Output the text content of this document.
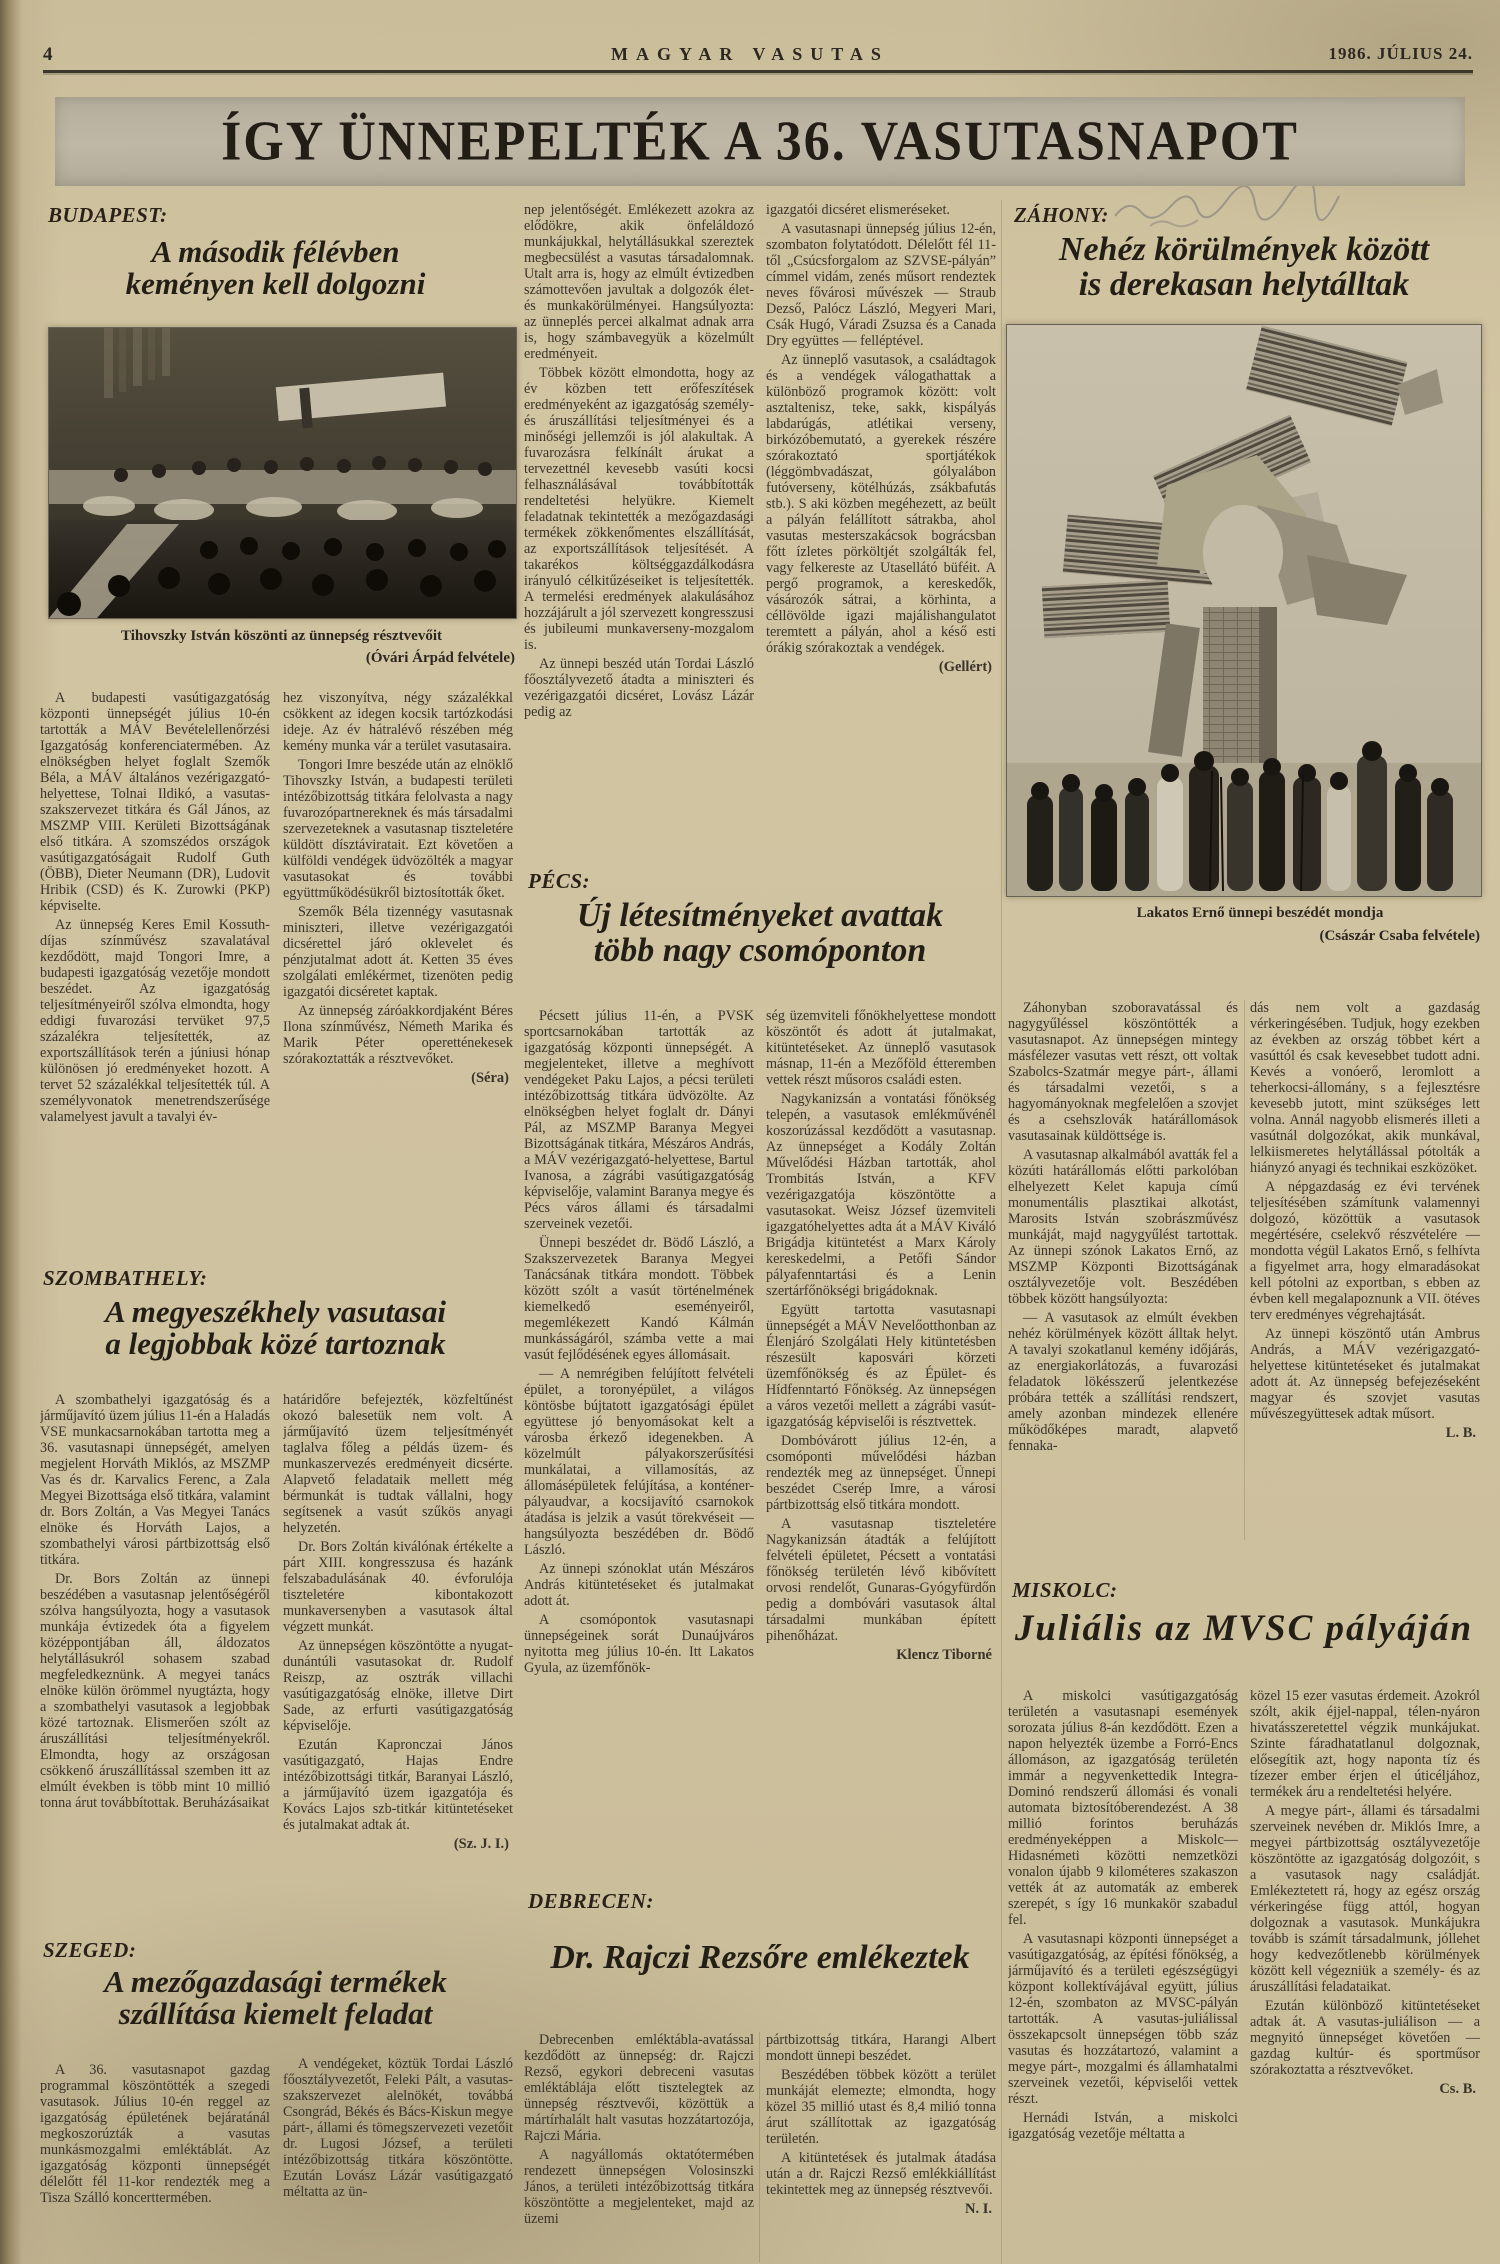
4	MAGYAR VASUTAS	1986. JÚLIUS 24.
ÍGY ÜNNEPELTÉK A 36. VASUTASNAPOT
BUDAPEST:
A második félévben
keményen kell dolgozni
Tihovszky István köszönti az ünnepség résztvevőit
(Óvári Árpád felvétele)

A budapesti vasútigazgatóság központi ünnepségét július 10-én tartották a MÁV Bevételellenőrzési Igazgatóság konferenciatermében. Az elnökségben helyet foglalt Szemők Béla, a MÁV általános vezérigazgató-helyettese, Tolnai Ildikó, a vasutas-szakszervezet titkára és Gál János, az MSZMP VIII. Kerületi Bizottságának első titkára. A szomszédos országok vasútigazgatóságait Rudolf Guth (ÖBB), Dieter Neumann (DR), Ludovit Hribik (CSD) és K. Zurowki (PKP) képviselte.

Az ünnepség Keres Emil Kossuth-díjas színművész szavalatával kezdődött, majd Tongori Imre, a budapesti igazgatóság vezetője mondott beszédet. Az igazgatóság teljesítményeiről szólva elmondta, hogy eddigi fuvarozási tervüket 97,5 százalékra teljesítették, az exportszállítások terén a júniusi hónap különösen jó eredményeket hozott. A tervet 52 százalékkal teljesítették túl. A személyvonatok menetrendszerűsége valamelyest javult a tavalyi év-

hez viszonyítva, négy százalékkal csökkent az idegen kocsik tartózkodási ideje. Az év hátralévő részében még kemény munka vár a terület vasutasaira.

Tongori Imre beszéde után az elnöklő Tihovszky István, a budapesti területi intézőbizottság titkára felolvasta a nagy fuvarozópartnereknek és más társadalmi szervezeteknek a vasutasnap tiszteletére küldött dísztáviratait. Ezt követően a külföldi vendégek üdvözölték a magyar vasutasokat és további együttműködésükről biztosították őket.

Szemők Béla tizennégy vasutasnak miniszteri, illetve vezérigazgatói dicsérettel járó oklevelet és pénzjutalmat adott át. Ketten 35 éves szolgálati emlékérmet, tizenöten pedig igazgatói dicséretet kaptak.

Az ünnepség záróakkordjaként Béres Ilona színművész, Németh Marika és Marik Péter operetténekesek szórakoztatták a résztvevőket.

(Séra)
SZOMBATHELY:
A megyeszékhely vasutasai
a legjobbak közé tartoznak

A szombathelyi igazgatóság és a járműjavító üzem július 11-én a Haladás VSE munkacsarnokában tartotta meg a 36. vasutasnapi ünnepségét, amelyen megjelent Horváth Miklós, az MSZMP Vas és dr. Karvalics Ferenc, a Zala Megyei Bizottsága első titkára, valamint dr. Bors Zoltán, a Vas Megyei Tanács elnöke és Horváth Lajos, a szombathelyi városi pártbizottság első titkára.

Dr. Bors Zoltán az ünnepi beszédében a vasutasnap jelentőségéről szólva hangsúlyozta, hogy a vasutasok munkája évtizedek óta a figyelem középpontjában áll, áldozatos helytállásukról sohasem szabad megfeledkeznünk. A megyei tanács elnöke külön örömmel nyugtázta, hogy a szombathelyi vasutasok a legjobbak közé tartoznak. Elismerően szólt az áruszállítási teljesítményekről. Elmondta, hogy az országosan csökkenő áruszállítással szemben itt az elmúlt években is több mint 10 millió tonna árut továbbítottak. Beruházásaikat

határidőre befejezték, közfeltűnést okozó balesetük nem volt. A járműjavító üzem teljesítményét taglalva főleg a példás üzem- és munkaszervezés eredményeit dicsérte. Alapvető feladataik mellett még bérmunkát is tudtak vállalni, hogy segítsenek a vasút szűkös anyagi helyzetén.

Dr. Bors Zoltán kiválónak értékelte a párt XIII. kongresszusa és hazánk felszabadulásának 40. évforulója tiszteletére kibontakozott munkaversenyben a vasutasok által végzett munkát.

Az ünnepségen köszöntötte a nyugat-dunántúli vasutasokat dr. Rudolf Reiszp, az osztrák villachi vasútigazgatóság elnöke, illetve Dirt Sade, az erfurti vasútigazgatóság képviselője.

Ezután Kapronczai János vasútigazgató, Hajas Endre intézőbizottsági titkár, Baranyai László, a járműjavító üzem igazgatója és Kovács Lajos szb-titkár kitüntetéseket és jutalmakat adtak át.

(Sz. J. I.)
SZEGED:
A mezőgazdasági termékek
szállítása kiemelt feladat

A 36. vasutasnapot gazdag programmal köszöntötték a szegedi vasutasok. Július 10-én reggel az igazgatóság épületének bejáratánál megkoszorúzták a vasutas munkásmozgalmi emléktáblát. Az igazgatóság központi ünnepségét délelőtt fél 11-kor rendezték meg a Tisza Szálló koncerttermében.

A vendégeket, köztük Tordai László főosztályvezetőt, Feleki Pált, a vasutas-szakszervezet alelnökét, továbbá Csongrád, Békés és Bács-Kiskun megye párt-, állami és tömegszervezeti vezetőit dr. Lugosi József, a területi intézőbizottság titkára köszöntötte. Ezután Lovász Lázár vasútigazgató méltatta az ün-

nep jelentőségét. Emlékezett azokra az elődökre, akik önfeláldozó munkájukkal, helytállásukkal szereztek megbecsülést a vasutas társadalomnak. Utalt arra is, hogy az elmúlt évtizedben számottevően javultak a dolgozók élet- és munkakörülményei. Hangsúlyozta: az ünneplés percei alkalmat adnak arra is, hogy számbavegyük a közelmúlt eredményeit.

Többek között elmondotta, hogy az év közben tett erőfeszítések eredményeként az igazgatóság személy- és áruszállítási teljesítményei és a minőségi jellemzői is jól alakultak. A fuvarozásra felkínált árukat a tervezettnél kevesebb vasúti kocsi felhasználásával továbbították rendeltetési helyükre. Kiemelt feladatnak tekintették a mezőgazdasági termékek zökkenőmentes elszállítását, az exportszállítások teljesítését. A takarékos költséggazdálkodásra irányuló célkitűzéseiket is teljesítették. A termelési eredmények alakulásához hozzájárult a jól szervezett kongresszusi és jubileumi munkaverseny-mozgalom is.

Az ünnepi beszéd után Tordai László főosztályvezető átadta a miniszteri és vezérigazgatói dicséret, Lovász Lázár pedig az

igazgatói dicséret elismeréseket.

A vasutasnapi ünnepség július 12-én, szombaton folytatódott. Délelőtt fél 11-től „Csúcsforgalom az SZVSE-pályán” címmel vidám, zenés műsort rendeztek neves fővárosi művészek — Straub Dezső, Palócz László, Megyeri Mari, Csák Hugó, Váradi Zsuzsa és a Canada Dry együttes — felléptével.

Az ünneplő vasutasok, a családtagok és a vendégek válogathattak a különböző programok között: volt asztaltenisz, teke, sakk, kispályás labdarúgás, atlétikai verseny, birkózóbemutató, a gyerekek részére szórakoztató sportjátékok (léggömbvadászat, gólyalábon futóverseny, kötélhúzás, zsákbafutás stb.). S aki közben megéhezett, az beült a pályán felállított sátrakba, ahol vasutas mesterszakácsok bográcsban főtt ízletes pörköltjét szolgálták fel, vagy felkereste az Utasellátó büféit. A pergő programok, a kereskedők, vásározók sátrai, a körhinta, a céllövölde igazi majálishangulatot teremtett a pályán, ahol a késő esti órákig szórakoztak a vendégek.

(Gellért)
PÉCS:
Új létesítményeket avattak
több nagy csomóponton

Pécsett július 11-én, a PVSK sportcsarnokában tartották az igazgatóság központi ünnepségét. A megjelenteket, illetve a meghívott vendégeket Paku Lajos, a pécsi területi intézőbizottság titkára üdvözölte. Az elnökségben helyet foglalt dr. Dányi Pál, az MSZMP Baranya Megyei Bizottságának titkára, Mészáros András, a MÁV vezérigazgató-helyettese, Bartul Ivanosa, a zágrábi vasútigazgatóság képviselője, valamint Baranya megye és Pécs város állami és társadalmi szerveinek vezetői.

Ünnepi beszédet dr. Bödő László, a Szakszervezetek Baranya Megyei Tanácsának titkára mondott. Többek között szólt a vasút történelmének kiemelkedő eseményeiről, megemlékezett Kandó Kálmán munkásságáról, számba vette a mai vasút fejlődésének egyes állomásait.

— A nemrégiben felújított felvételi épület, a toronyépület, a világos köntösbe bújtatott igazgatósági épület együttese jó benyomásokat kelt a városba érkező idegenekben. A közelmúlt pályakorszerűsítési munkálatai, a villamosítás, az állomásépületek felújítása, a konténer-pályaudvar, a kocsijavító csarnokok átadása is jelzik a vasút törekvéseit — hangsúlyozta beszédében dr. Bödő László.

Az ünnepi szónoklat után Mészáros András kitüntetéseket és jutalmakat adott át.

A csomópontok vasutasnapi ünnepségeinek sorát Dunaújváros nyitotta meg július 10-én. Itt Lakatos Gyula, az üzemfőnök-

ség üzemviteli főnökhelyettese mondott köszöntőt és adott át jutalmakat, kitüntetéseket. Az ünneplő vasutasok másnap, 11-én a Mezőföld étteremben vettek részt műsoros családi esten.

Nagykanizsán a vontatási főnökség telepén, a vasutasok emlékművénél koszorúzással kezdődött a vasutasnap. Az ünnepséget a Kodály Zoltán Művelődési Házban tartották, ahol Trombitás István, a KFV vezérigazgatója köszöntötte a vasutasokat. Weisz József üzemviteli igazgatóhelyettes adta át a MÁV Kiváló Brigádja kitüntetést a Marx Károly kereskedelmi, a Petőfi Sándor pályafenntartási és a Lenin szertárfőnökségi brigádoknak.

Együtt tartotta vasutasnapi ünnepségét a MÁV Nevelőotthonban az Élenjáró Szolgálati Hely kitüntetésben részesült kaposvári körzeti üzemfőnökség és az Épület- és Hídfenntartó Főnökség. Az ünnepségen a város vezetői mellett a zágrábi vasút-igazgatóság képviselői is résztvettek.

Dombóvárott július 12-én, a csomóponti művelődési házban rendezték meg az ünnepséget. Ünnepi beszédet Cserép Imre, a városi pártbizottság első titkára mondott.

A vasutasnap tiszteletére Nagykanizsán átadták a felújított felvételi épületet, Pécsett a vontatási főnökség területén lévő kibővített orvosi rendelőt, Gunaras-Gyógyfürdőn pedig a dombóvári vasutasok által társadalmi munkában épített pihenőházat.

Klencz Tiborné
DEBRECEN:
Dr. Rajczi Rezsőre emlékeztek

Debrecenben emléktábla-avatással kezdődött az ünnepség: dr. Rajczi Rezső, egykori debreceni vasutas emléktáblája előtt tisztelegtek az ünnepség résztvevői, közöttük a mártírhalált halt vasutas hozzátartozója, Rajczi Mária.

A nagyállomás oktatótermében rendezett ünnepségen Volosinszki János, a területi intézőbizottság titkára köszöntötte a megjelenteket, majd az üzemi

pártbizottság titkára, Harangi Albert mondott ünnepi beszédet.

Beszédében többek között a terület munkáját elemezte; elmondta, hogy közel 35 millió utast és 8,4 milió tonna árut szállítottak az igazgatóság területén.

A kitüntetések és jutalmak átadása után a dr. Rajczi Rezső emlékkiállítást tekintettek meg az ünnepség résztvevői.

N. I.
ZÁHONY:
Nehéz körülmények között
is derekasan helytálltak
Lakatos Ernő ünnepi beszédét mondja
(Császár Csaba felvétele)

Záhonyban szoboravatással és nagygyűléssel köszöntötték a vasutasnapot. Az ünnepségen mintegy másfélezer vasutas vett részt, ott voltak Szabolcs-Szatmár megye párt-, állami és társadalmi vezetői, s a hagyományoknak megfelelően a szovjet és a csehszlovák határállomások vasutasainak küldöttsége is.

A vasutasnap alkalmából avatták fel a közúti határállomás előtti parkolóban elhelyezett Kelet kapuja című monumentális plasztikai alkotást, Marosits István szobrászművész munkáját, majd nagygyűlést tartottak. Az ünnepi szónok Lakatos Ernő, az MSZMP Központi Bizottságának osztályvezetője volt. Beszédében többek között hangsúlyozta:

— A vasutasok az elmúlt években nehéz körülmények között álltak helyt. A tavalyi szokatlanul kemény időjárás, az energiakorlátozás, a fuvarozási feladatok lökésszerű jelentkezése próbára tették a szállítási rendszert, amely azonban mindezek ellenére működőképes maradt, alapvető fennaka-

dás nem volt a gazdaság vérkeringésében. Tudjuk, hogy ezekben az években az ország többet kért a vasúttól és csak kevesebbet tudott adni. Kevés a vonóerő, leromlott a teherkocsi-állomány, s a fejlesztésre kevesebb jutott, mint szükséges lett volna. Annál nagyobb elismerés illeti a vasútnál dolgozókat, akik munkával, lelkiismeretes helytállással pótolták a hiányzó anyagi és technikai eszközöket.

A népgazdaság ez évi tervének teljesítésében számítunk valamennyi dolgozó, közöttük a vasutasok megértésére, cselekvő részvételére — mondotta végül Lakatos Ernő, s felhívta a figyelmet arra, hogy elmaradásokat kell pótolni az exportban, s ebben az évben kell megalapoznunk a VII. ötéves terv eredményes végrehajtását.

Az ünnepi köszöntő után Ambrus András, a MÁV vezérigazgató-helyettese kitüntetéseket és jutalmakat adott át. Az ünnepség befejezéseként magyar és szovjet vasutas művészegyüttesek adtak műsort.

L. B.
MISKOLC:
Juliális az MVSC pályáján

A miskolci vasútigazgatóság területén a vasutasnapi események sorozata július 8-án kezdődött. Ezen a napon helyezték üzembe a Forró-Encs állomáson, az igazgatóság területén immár a negyvenkettedik Integra-Dominó rendszerű állomási és vonali automata biztosítóberendezést. A 38 millió forintos beruházás eredményeképpen a Miskolc—Hidasnémeti közötti nemzetközi vonalon újabb 9 kilométeres szakaszon vették át az automaták az emberek szerepét, s így 16 munkakör szabadul fel.

A vasutasnapi központi ünnepséget a vasútigazgatóság, az építési főnökség, a járműjavító és a területi egészségügyi központ kollektívájával együtt, július 12-én, szombaton az MVSC-pályán tartották. A vasutas-juliálissal összekapcsolt ünnepségen több száz vasutas és hozzátartozó, valamint a megye párt-, mozgalmi és államhatalmi szerveinek vezetői, képviselői vettek részt.

Hernádi István, a miskolci igazgatóság vezetője méltatta a

közel 15 ezer vasutas érdemeit. Azokról szólt, akik éjjel-nappal, télen-nyáron hivatásszeretettel végzik munkájukat. Szinte fáradhatatlanul dolgoznak, elősegítik azt, hogy naponta tíz és tízezer ember érjen el úticéljához, termékek áru a rendeltetési helyére.

A megye párt-, állami és társadalmi szerveinek nevében dr. Miklós Imre, a megyei pártbizottság osztályvezetője köszöntötte az igazgatóság dolgozóit, s a vasutasok nagy családját. Emlékeztetett rá, hogy az egész ország vérkeringése függ attól, hogyan dolgoznak a vasutasok. Munkájukra tovább is számít társadalmunk, jóllehet hogy kedvezőtlenebb körülmények között kell végezniük a személy- és az áruszállítási feladataikat.

Ezután különböző kitüntetéseket adtak át. A vasutas-juliálison — a megnyitó ünnepséget követően — gazdag kultúr- és sportműsor szórakoztatta a résztvevőket.

Cs. B.
